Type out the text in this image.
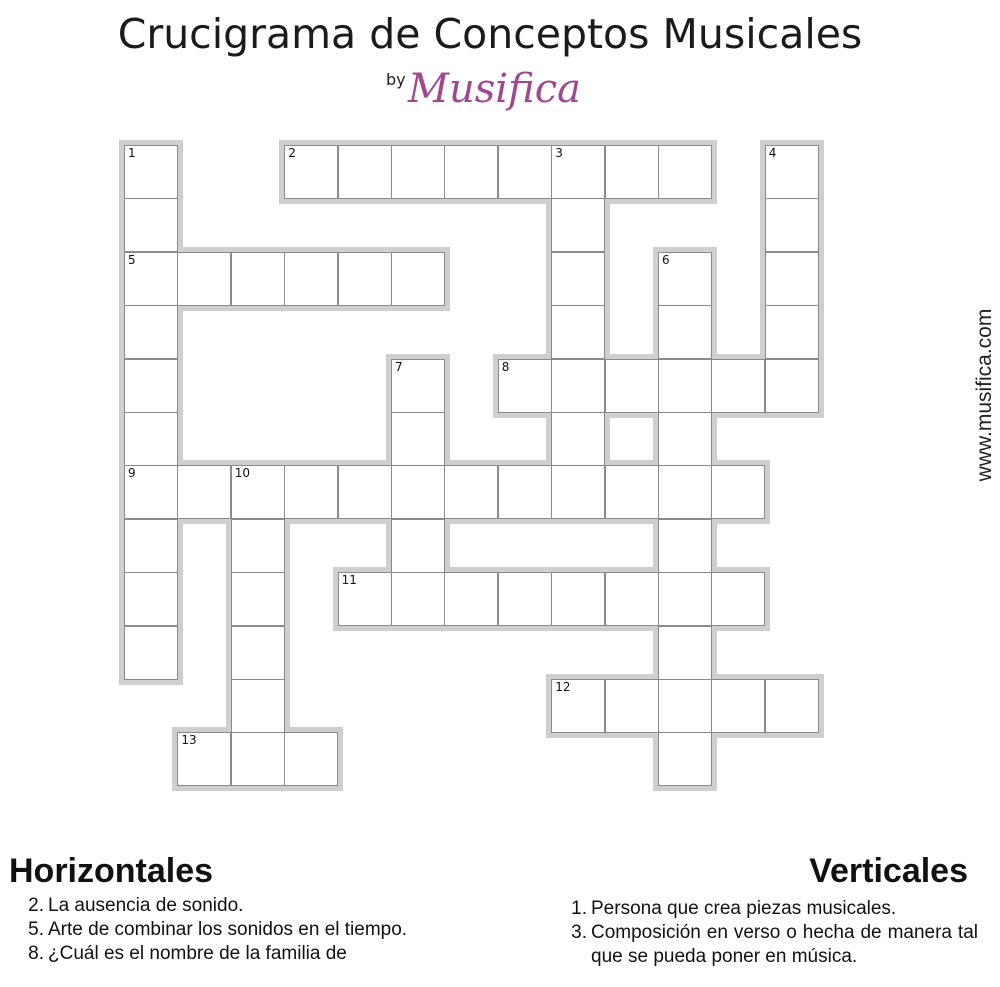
Crucigrama de Conceptos Musicales
by Musifica
www.musifica.com
1
5
9
2	3	4
6
7	8
10
11
12
13
Horizontales
2. La ausencia de sonido.
5. Arte de combinar los sonidos en el tiempo.
8. ¿Cuál es el nombre de la familia de
Verticales
1. Persona que crea piezas musicales.
3. Composición en verso o hecha de manera tal que se pueda poner en música.
